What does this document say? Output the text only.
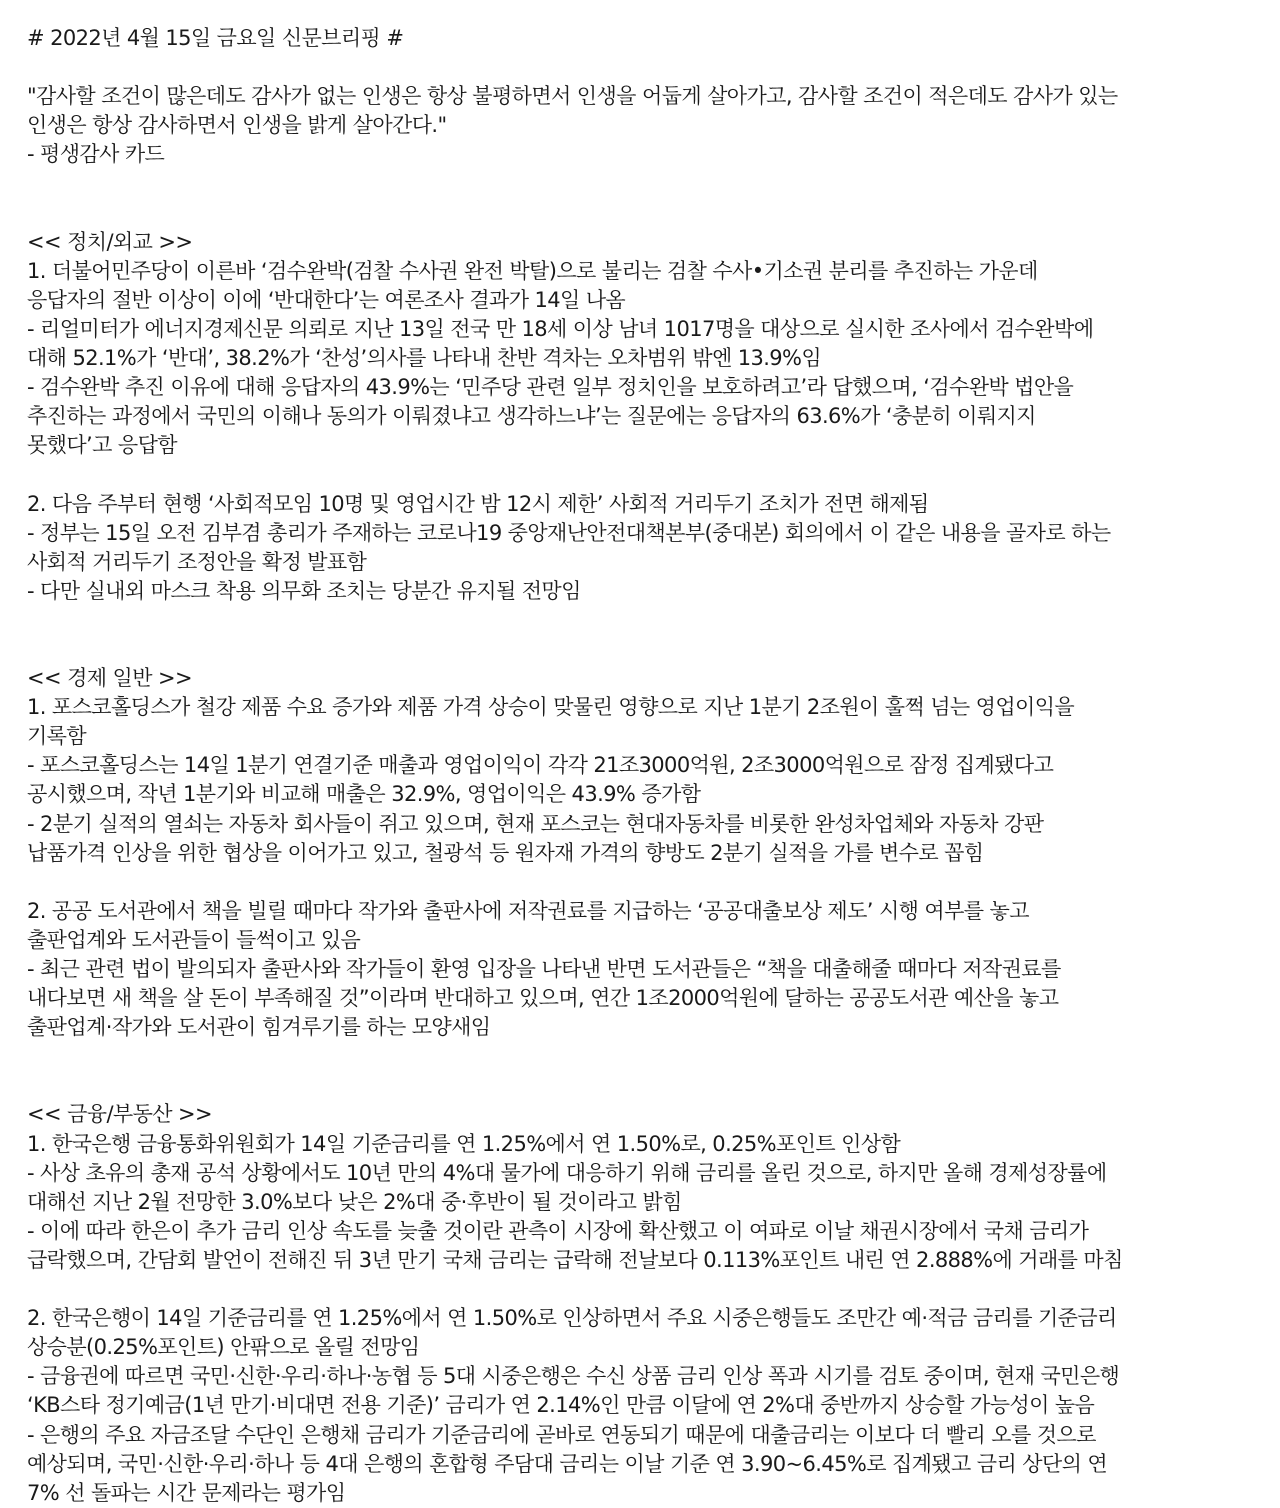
# 2022년 4월 15일 금요일 신문브리핑 #
"감사할 조건이 많은데도 감사가 없는 인생은 항상 불평하면서 인생을 어둡게 살아가고, 감사할 조건이 적은데도 감사가 있는
인생은 항상 감사하면서 인생을 밝게 살아간다."
- 평생감사 카드
<< 정치/외교 >>
1. 더불어민주당이 이른바 ‘검수완박(검찰 수사권 완전 박탈)으로 불리는 검찰 수사•기소권 분리를 추진하는 가운데
응답자의 절반 이상이 이에 ‘반대한다’는 여론조사 결과가 14일 나옴
- 리얼미터가 에너지경제신문 의뢰로 지난 13일 전국 만 18세 이상 남녀 1017명을 대상으로 실시한 조사에서 검수완박에
대해 52.1%가 ‘반대’, 38.2%가 ‘찬성’의사를 나타내 찬반 격차는 오차범위 밖엔 13.9%임
- 검수완박 추진 이유에 대해 응답자의 43.9%는 ‘민주당 관련 일부 정치인을 보호하려고’라 답했으며, ‘검수완박 법안을
추진하는 과정에서 국민의 이해나 동의가 이뤄졌냐고 생각하느냐’는 질문에는 응답자의 63.6%가 ‘충분히 이뤄지지
못했다’고 응답함
2. 다음 주부터 현행 ‘사회적모임 10명 및 영업시간 밤 12시 제한’ 사회적 거리두기 조치가 전면 해제됨
- 정부는 15일 오전 김부겸 총리가 주재하는 코로나19 중앙재난안전대책본부(중대본) 회의에서 이 같은 내용을 골자로 하는
사회적 거리두기 조정안을 확정 발표함
- 다만 실내외 마스크 착용 의무화 조치는 당분간 유지될 전망임
<< 경제 일반 >>
1. 포스코홀딩스가 철강 제품 수요 증가와 제품 가격 상승이 맞물린 영향으로 지난 1분기 2조원이 훌쩍 넘는 영업이익을
기록함
- 포스코홀딩스는 14일 1분기 연결기준 매출과 영업이익이 각각 21조3000억원, 2조3000억원으로 잠정 집계됐다고
공시했으며, 작년 1분기와 비교해 매출은 32.9%, 영업이익은 43.9% 증가함
- 2분기 실적의 열쇠는 자동차 회사들이 쥐고 있으며, 현재 포스코는 현대자동차를 비롯한 완성차업체와 자동차 강판
납품가격 인상을 위한 협상을 이어가고 있고, 철광석 등 원자재 가격의 향방도 2분기 실적을 가를 변수로 꼽힘
2. 공공 도서관에서 책을 빌릴 때마다 작가와 출판사에 저작권료를 지급하는 ‘공공대출보상 제도’ 시행 여부를 놓고
출판업계와 도서관들이 들썩이고 있음
- 최근 관련 법이 발의되자 출판사와 작가들이 환영 입장을 나타낸 반면 도서관들은 “책을 대출해줄 때마다 저작권료를
내다보면 새 책을 살 돈이 부족해질 것”이라며 반대하고 있으며, 연간 1조2000억원에 달하는 공공도서관 예산을 놓고
출판업계·작가와 도서관이 힘겨루기를 하는 모양새임
<< 금융/부동산 >>
1. 한국은행 금융통화위원회가 14일 기준금리를 연 1.25%에서 연 1.50%로, 0.25%포인트 인상함
- 사상 초유의 총재 공석 상황에서도 10년 만의 4%대 물가에 대응하기 위해 금리를 올린 것으로, 하지만 올해 경제성장률에
대해선 지난 2월 전망한 3.0%보다 낮은 2%대 중·후반이 될 것이라고 밝힘
- 이에 따라 한은이 추가 금리 인상 속도를 늦출 것이란 관측이 시장에 확산했고 이 여파로 이날 채권시장에서 국채 금리가
급락했으며, 간담회 발언이 전해진 뒤 3년 만기 국채 금리는 급락해 전날보다 0.113%포인트 내린 연 2.888%에 거래를 마침
2. 한국은행이 14일 기준금리를 연 1.25%에서 연 1.50%로 인상하면서 주요 시중은행들도 조만간 예·적금 금리를 기준금리
상승분(0.25%포인트) 안팎으로 올릴 전망임
- 금융권에 따르면 국민·신한·우리·하나·농협 등 5대 시중은행은 수신 상품 금리 인상 폭과 시기를 검토 중이며, 현재 국민은행
‘KB스타 정기예금(1년 만기·비대면 전용 기준)’ 금리가 연 2.14%인 만큼 이달에 연 2%대 중반까지 상승할 가능성이 높음
- 은행의 주요 자금조달 수단인 은행채 금리가 기준금리에 곧바로 연동되기 때문에 대출금리는 이보다 더 빨리 오를 것으로
예상되며, 국민·신한·우리·하나 등 4대 은행의 혼합형 주담대 금리는 이날 기준 연 3.90~6.45%로 집계됐고 금리 상단의 연
7% 선 돌파는 시간 문제라는 평가임
